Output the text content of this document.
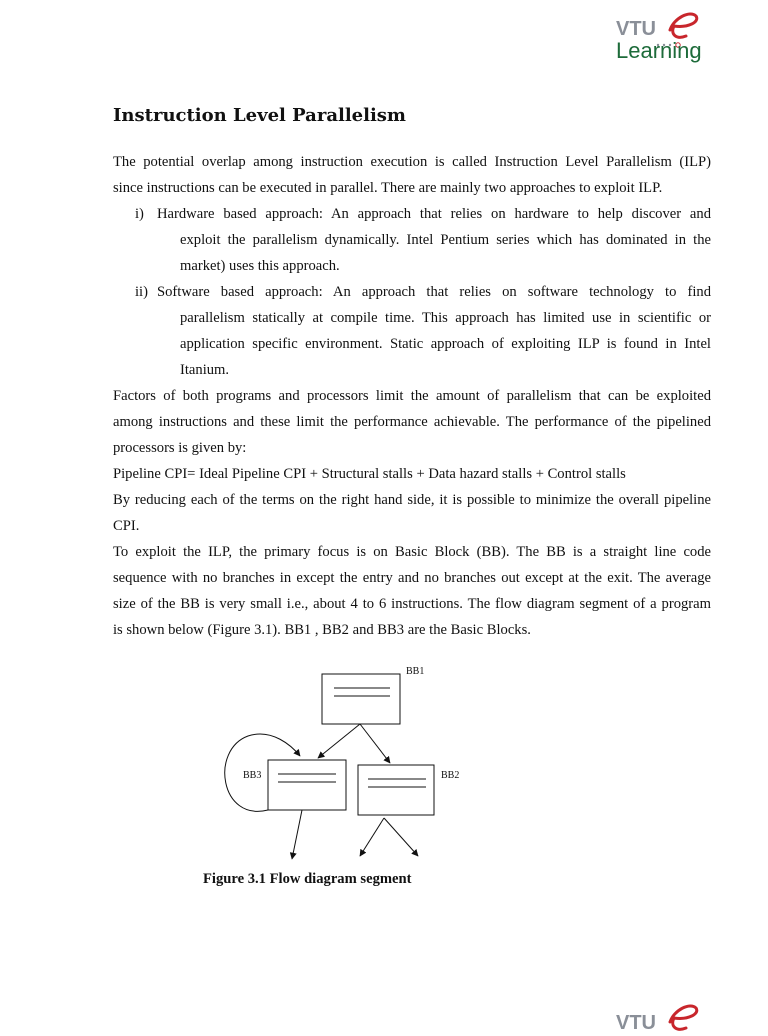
VTU
Learning
Instruction Level Parallelism
The potential overlap among instruction execution is called Instruction Level Parallelism (ILP)
since instructions can be executed in parallel. There are mainly two approaches to exploit ILP.
i) Hardware based approach: An approach that relies on hardware to help discover and
exploit the parallelism dynamically. Intel Pentium series which has dominated in the
market) uses this approach.
ii) Software based approach: An approach that relies on software technology to find
parallelism statically at compile time. This approach has limited use in scientific or
application specific environment. Static approach of exploiting ILP is found in Intel
Itanium.
Factors of both programs and processors limit the amount of parallelism that can be exploited
among instructions and these limit the performance achievable. The performance of the pipelined
processors is given by:
Pipeline CPI= Ideal Pipeline CPI + Structural stalls + Data hazard stalls + Control stalls
By reducing each of the terms on the right hand side, it is possible to minimize the overall pipeline
CPI.
To exploit the ILP, the primary focus is on Basic Block (BB). The BB is a straight line code
sequence with no branches in except the entry and no branches out except at the exit. The average
size of the BB is very small i.e., about 4 to 6 instructions. The flow diagram segment of a program
is shown below (Figure 3.1). BB1 , BB2 and BB3 are the Basic Blocks.
BB1
BB3	BB2
Figure 3.1 Flow diagram segment
VTU
